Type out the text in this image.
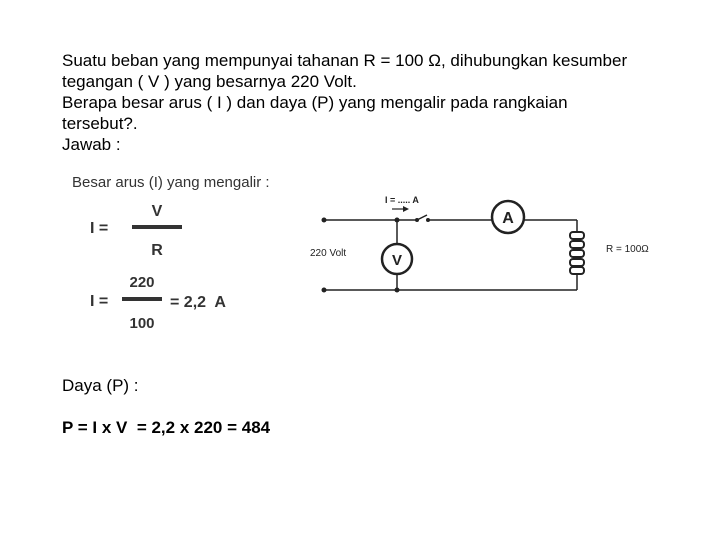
Suatu beban yang mempunyai tahanan R = 100 Ω, dihubungkan kesumber
tegangan ( V ) yang besarnya 220 Volt.
Berapa besar arus ( I ) dan daya (P) yang mengalir pada rangkaian
tersebut?.
Jawab :
Besar arus (I) yang mengalir :
I =
V
R
I =
220
100
= 2,2  A
A
V
I = ..... A
220 Volt	R = 100Ω

Daya (P) :

P = I x V  = 2,2 x 220 = 484
